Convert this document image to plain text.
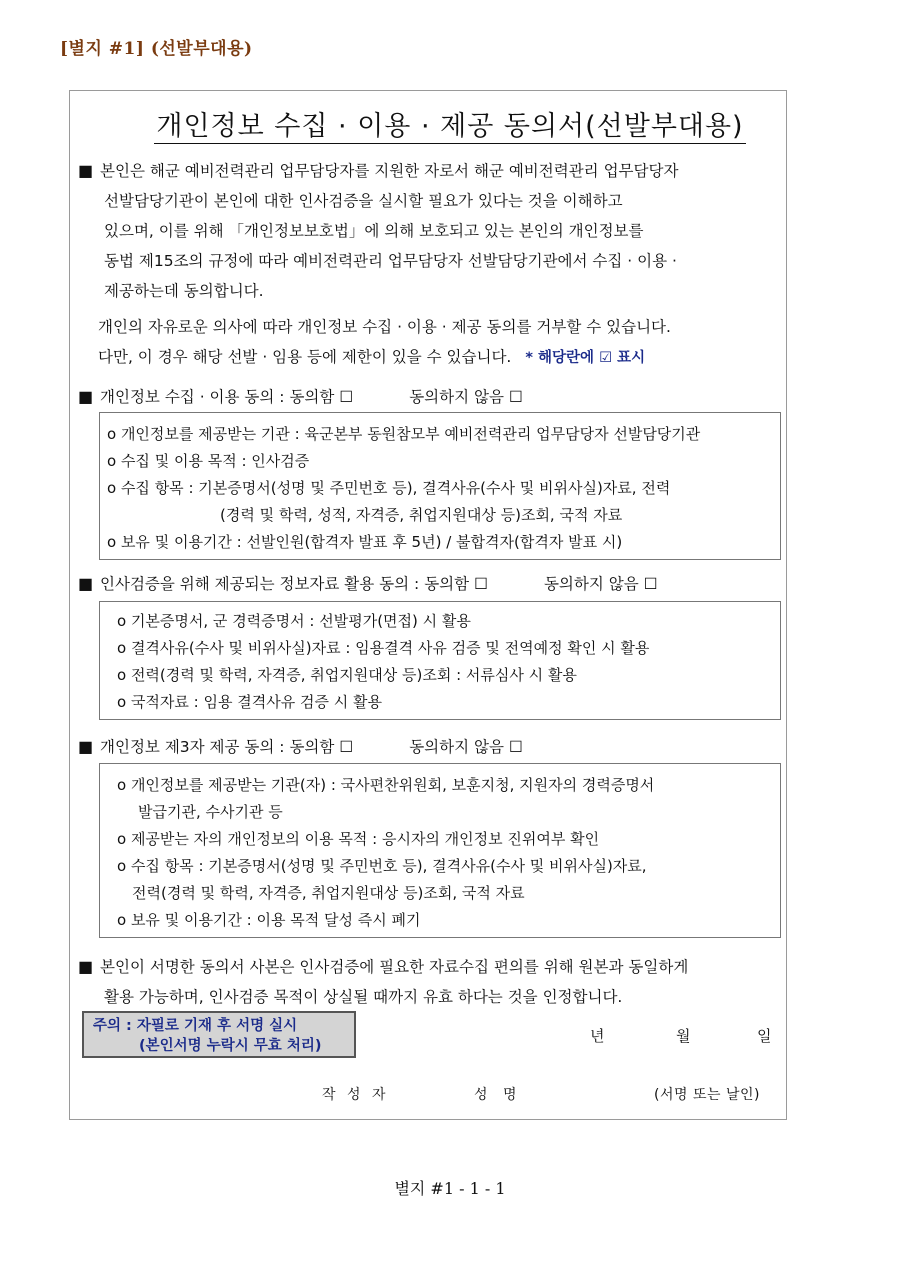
[별지 #1] (선발부대용)
개인정보 수집 · 이용 · 제공 동의서(선발부대용)
■ 본인은 해군 예비전력관리 업무담당자를 지원한 자로서 해군 예비전력관리 업무담당자
선발담당기관이 본인에 대한 인사검증을 실시할 필요가 있다는 것을 이해하고
있으며, 이를 위해 「개인정보보호법」에 의해 보호되고 있는 본인의 개인정보를
동법 제15조의 규정에 따라 예비전력관리 업무담당자 선발담당기관에서 수집 · 이용 ·
제공하는데 동의합니다.
개인의 자유로운 의사에 따라 개인정보 수집 · 이용 · 제공 동의를 거부할 수 있습니다.
다만, 이 경우 해당 선발 · 임용 등에 제한이 있을 수 있습니다. * 해당란에 ☑ 표시
■ 개인정보 수집 · 이용 동의 : 동의함 ☐	동의하지 않음 ☐
o 개인정보를 제공받는 기관 : 육군본부 동원참모부 예비전력관리 업무담당자 선발담당기관
o 수집 및 이용 목적 : 인사검증
o 수집 항목 : 기본증명서(성명 및 주민번호 등), 결격사유(수사 및 비위사실)자료, 전력
(경력 및 학력, 성적, 자격증, 취업지원대상 등)조회, 국적 자료
o 보유 및 이용기간 : 선발인원(합격자 발표 후 5년) / 불합격자(합격자 발표 시)
■ 인사검증을 위해 제공되는 정보자료 활용 동의 : 동의함 ☐	동의하지 않음 ☐
o 기본증명서, 군 경력증명서 : 선발평가(면접) 시 활용
o 결격사유(수사 및 비위사실)자료 : 임용결격 사유 검증 및 전역예정 확인 시 활용
o 전력(경력 및 학력, 자격증, 취업지원대상 등)조회 : 서류심사 시 활용
o 국적자료 : 임용 결격사유 검증 시 활용
■ 개인정보 제3자 제공 동의 : 동의함 ☐	동의하지 않음 ☐
o 개인정보를 제공받는 기관(자) : 국사편찬위원회, 보훈지청, 지원자의 경력증명서
발급기관, 수사기관 등
o 제공받는 자의 개인정보의 이용 목적 : 응시자의 개인정보 진위여부 확인
o 수집 항목 : 기본증명서(성명 및 주민번호 등), 결격사유(수사 및 비위사실)자료,
전력(경력 및 학력, 자격증, 취업지원대상 등)조회, 국적 자료
o 보유 및 이용기간 : 이용 목적 달성 즉시 폐기
■ 본인이 서명한 동의서 사본은 인사검증에 필요한 자료수집 편의를 위해 원본과 동일하게
활용 가능하며, 인사검증 목적이 상실될 때까지 유효 하다는 것을 인정합니다.
주의 : 자필로 기재 후 서명 실시
(본인서명 누락시 무효 처리)
년	월	일
작 성 자	성 명	(서명 또는 날인)
별지 #1 - 1 - 1
